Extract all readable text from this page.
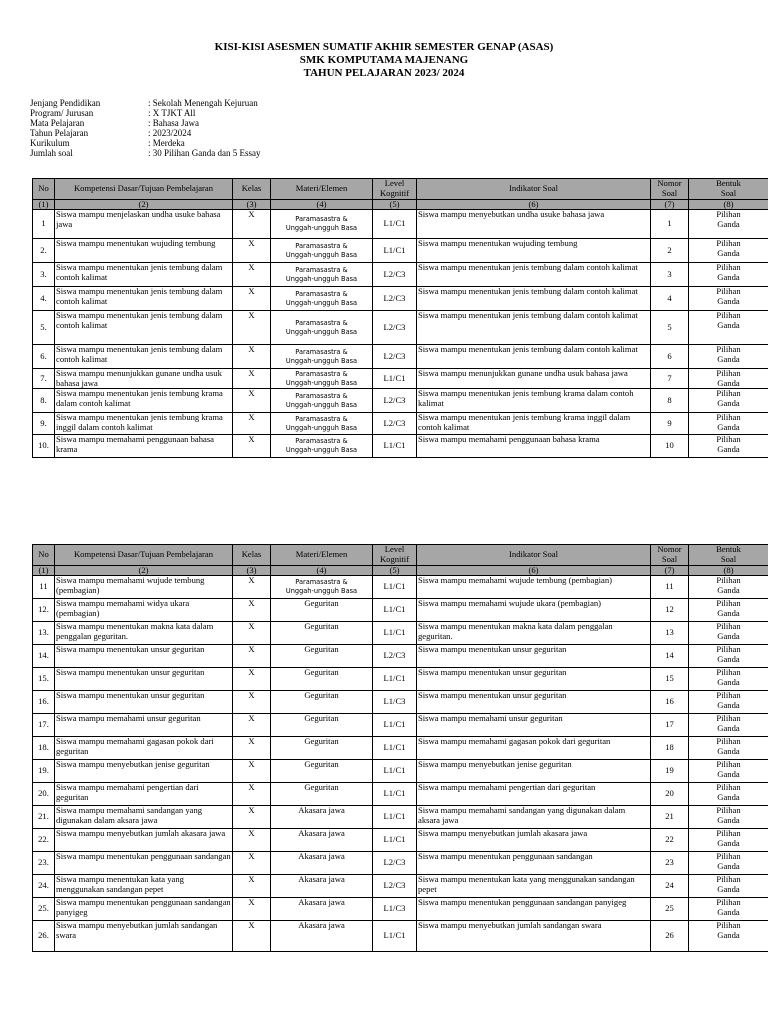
KISI-KISI ASESMEN SUMATIF AKHIR SEMESTER GENAP (ASAS)
SMK KOMPUTAMA MAJENANG
TAHUN PELAJARAN 2023/ 2024
Jenjang Pendidikan	: Sekolah Menengah Kejuruan
Program/ Jurusan	: X TJKT All
Mata Pelajaran	: Bahasa Jawa
Tahun Pelajaran	: 2023/2024
Kurikulum	: Merdeka
Jumlah soal	: 30 Pilihan Ganda dan 5 Essay
No	Kompetensi Dasar/Tujuan Pembelajaran	Kelas	Materi/Elemen	Level
Kognitif	Indikator Soal	Nomor
Soal	Bentuk
Soal
(1)	(2)	(3)	(4)	(5)	(6)	(7)	(8)
1	Siswa mampu menjelaskan undha usuke bahasa jawa	X	Paramasastra &
Unggah-ungguh Basa	L1/C1	Siswa mampu menyebutkan undha usuke bahasa jawa	1	Pilihan
Ganda
2.	Siswa mampu menentukan wujuding tembung	X	Paramasastra &
Unggah-ungguh Basa	L1/C1	Siswa mampu menentukan wujuding tembung	2	Pilihan
Ganda
3.	Siswa mampu menentukan jenis tembung dalam contoh kalimat	X	Paramasastra &
Unggah-ungguh Basa	L2/C3	Siswa mampu menentukan jenis tembung dalam contoh kalimat	3	Pilihan
Ganda
4.	Siswa mampu menentukan jenis tembung dalam contoh kalimat	X	Paramasastra &
Unggah-ungguh Basa	L2/C3	Siswa mampu menentukan jenis tembung dalam contoh kalimat	4	Pilihan
Ganda
5.	Siswa mampu menentukan jenis tembung dalam contoh kalimat	X	Paramasastra &
Unggah-ungguh Basa	L2/C3	Siswa mampu menentukan jenis tembung dalam contoh kalimat	5	Pilihan
Ganda
6.	Siswa mampu menentukan jenis tembung dalam contoh kalimat	X	Paramasastra &
Unggah-ungguh Basa	L2/C3	Siswa mampu menentukan jenis tembung dalam contoh kalimat	6	Pilihan
Ganda
7.	Siswa mampu menunjukkan gunane undha usuk bahasa jawa	X	Paramasastra &
Unggah-ungguh Basa	L1/C1	Siswa mampu menunjukkan gunane undha usuk bahasa jawa	7	Pilihan
Ganda
8.	Siswa mampu menentukan jenis tembung krama dalam contoh kalimat	X	Paramasastra &
Unggah-ungguh Basa	L2/C3	Siswa mampu menentukan jenis tembung krama dalam contoh kalimat	8	Pilihan
Ganda
9.	Siswa mampu menentukan jenis tembung krama inggil dalam contoh kalimat	X	Paramasastra &
Unggah-ungguh Basa	L2/C3	Siswa mampu menentukan jenis tembung krama inggil dalam contoh kalimat	9	Pilihan
Ganda
10.	Siswa mampu memahami penggunaan bahasa krama	X	Paramasastra &
Unggah-ungguh Basa	L1/C1	Siswa mampu memahami penggunaan bahasa krama	10	Pilihan
Ganda
No	Kompetensi Dasar/Tujuan Pembelajaran	Kelas	Materi/Elemen	Level
Kognitif	Indikator Soal	Nomor
Soal	Bentuk
Soal
(1)	(2)	(3)	(4)	(5)	(6)	(7)	(8)
11	Siswa mampu memahami wujude tembung (pembagian)	X	Paramasastra &
Unggah-ungguh Basa	L1/C1	Siswa mampu memahami wujude tembung (pembagian)	11	Pilihan
Ganda
12.	Siswa mampu memahami widya ukara (pembagian)	X	Geguritan	L1/C1	Siswa mampu memahami wujude ukara (pembagian)	12	Pilihan
Ganda
13.	Siswa mampu menentukan makna kata dalam penggalan geguritan.	X	Geguritan	L1/C1	Siswa mampu menentukan makna kata dalam penggalan geguritan.	13	Pilihan
Ganda
14.	Siswa mampu menentukan unsur geguritan	X	Geguritan	L2/C3	Siswa mampu menentukan unsur geguritan	14	Pilihan
Ganda
15.	Siswa mampu menentukan unsur geguritan	X	Geguritan	L1/C1	Siswa mampu menentukan unsur geguritan	15	Pilihan
Ganda
16.	Siswa mampu menentukan unsur geguritan	X	Geguritan	L1/C3	Siswa mampu menentukan unsur geguritan	16	Pilihan
Ganda
17.	Siswa mampu memahami unsur geguritan	X	Geguritan	L1/C1	Siswa mampu memahami unsur geguritan	17	Pilihan
Ganda
18.	Siswa mampu memahami gagasan pokok dari geguritan	X	Geguritan	L1/C1	Siswa mampu memahami gagasan pokok dari geguritan	18	Pilihan
Ganda
19.	Siswa mampu menyebutkan jenise geguritan	X	Geguritan	L1/C1	Siswa mampu menyebutkan jenise geguritan	19	Pilihan
Ganda
20.	Siswa mampu memahami pengertian dari geguritan	X	Geguritan	L1/C1	Siswa mampu memahami pengertian dari geguritan	20	Pilihan
Ganda
21.	Siswa mampu memahami sandangan yang digunakan dalam aksara jawa	X	Akasara jawa	L1/C1	Siswa mampu memahami sandangan yang digunakan dalam aksara jawa	21	Pilihan
Ganda
22.	Siswa mampu menyebutkan jumlah akasara jawa	X	Akasara jawa	L1/C1	Siswa mampu menyebutkan jumlah akasara jawa	22	Pilihan
Ganda
23.	Siswa mampu menentukan penggunaan sandangan	X	Akasara jawa	L2/C3	Siswa mampu menentukan penggunaan sandangan	23	Pilihan
Ganda
24.	Siswa mampu menentukan kata yang menggunakan sandangan pepet	X	Akasara jawa	L2/C3	Siswa mampu menentukan kata yang menggunakan sandangan pepet	24	Pilihan
Ganda
25.	Siswa mampu menentukan penggunaan sandangan panyigeg	X	Akasara jawa	L1/C3	Siswa mampu menentukan penggunaan sandangan panyigeg	25	Pilihan
Ganda
26.	Siswa mampu menyebutkan jumlah sandangan swara	X	Akasara jawa	L1/C1	Siswa mampu menyebutkan jumlah sandangan swara	26	Pilihan
Ganda
